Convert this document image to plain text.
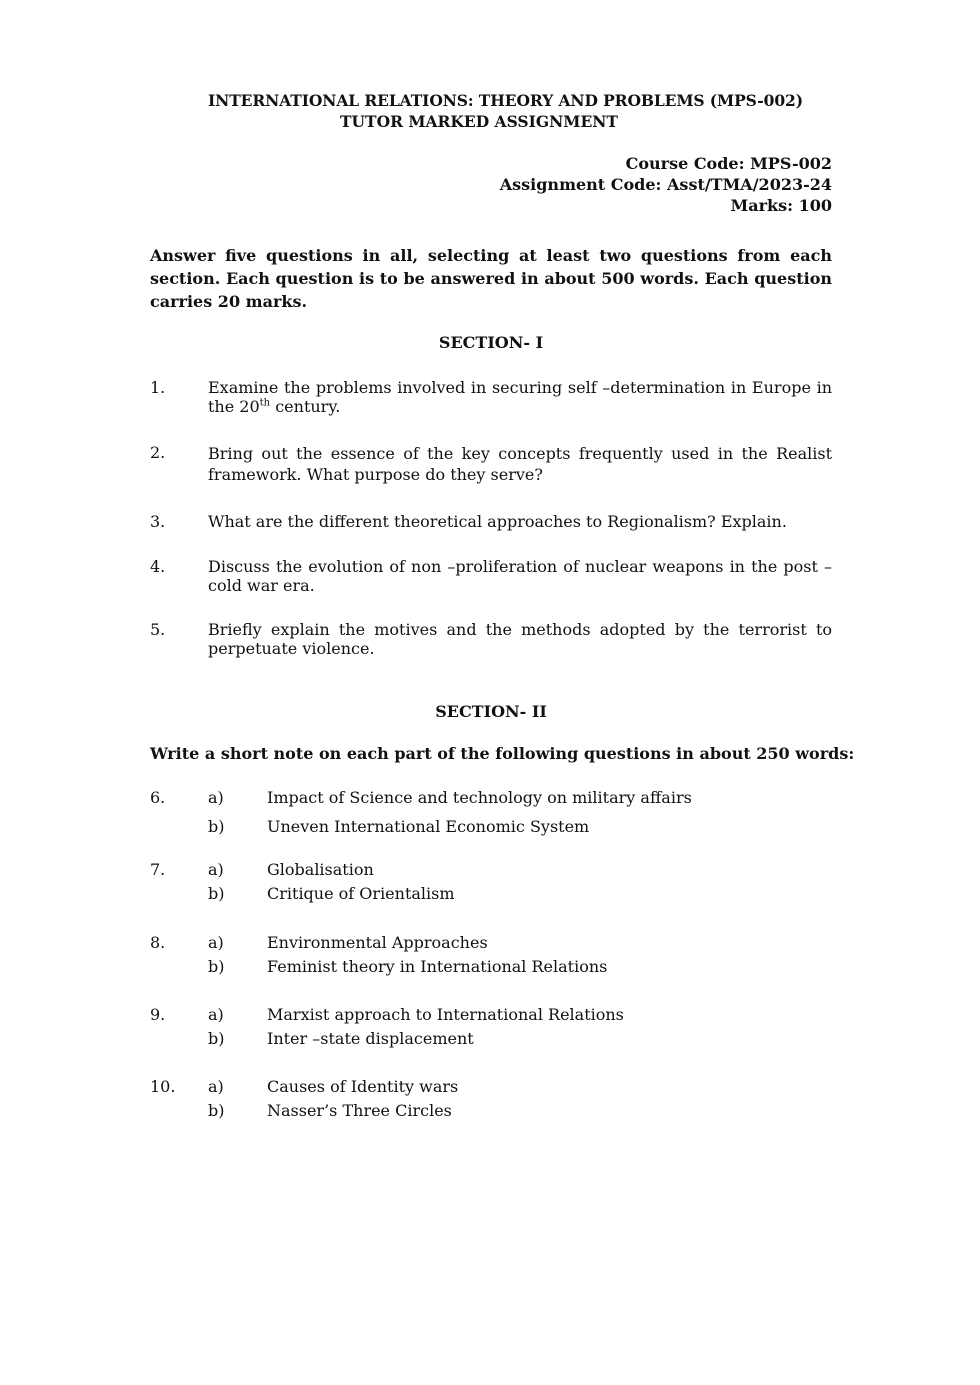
INTERNATIONAL RELATIONS: THEORY AND PROBLEMS (MPS-002)
TUTOR MARKED ASSIGNMENT
Course Code: MPS-002
Assignment Code: Asst/TMA/2023-24
Marks: 100
Answer five questions in all, selecting at least two questions from each section. Each question is to be answered in about 500 words. Each question carries 20 marks.
SECTION- I
1.	Examine the problems involved in securing self –determination in Europe in the 20th century.
2.	Bring out the essence of the key concepts frequently used in the Realist framework. What purpose do they serve?
3.	What are the different theoretical approaches to Regionalism? Explain.
4.	Discuss the evolution of non –proliferation of nuclear weapons in the post –cold war era.
5.	Briefly explain the motives and the methods adopted by the terrorist to perpetuate violence.
SECTION- II
Write a short note on each part of the following questions in about 250 words:
6.	a)	Impact of Science and technology on military affairs
b)	Uneven International Economic System
7.	a)	Globalisation
b)	Critique of Orientalism
8.	a)	Environmental Approaches
b)	Feminist theory in International Relations
9.	a)	Marxist approach to International Relations
b)	Inter –state displacement
10. a)	Causes of Identity wars
b)	Nasser’s Three Circles
